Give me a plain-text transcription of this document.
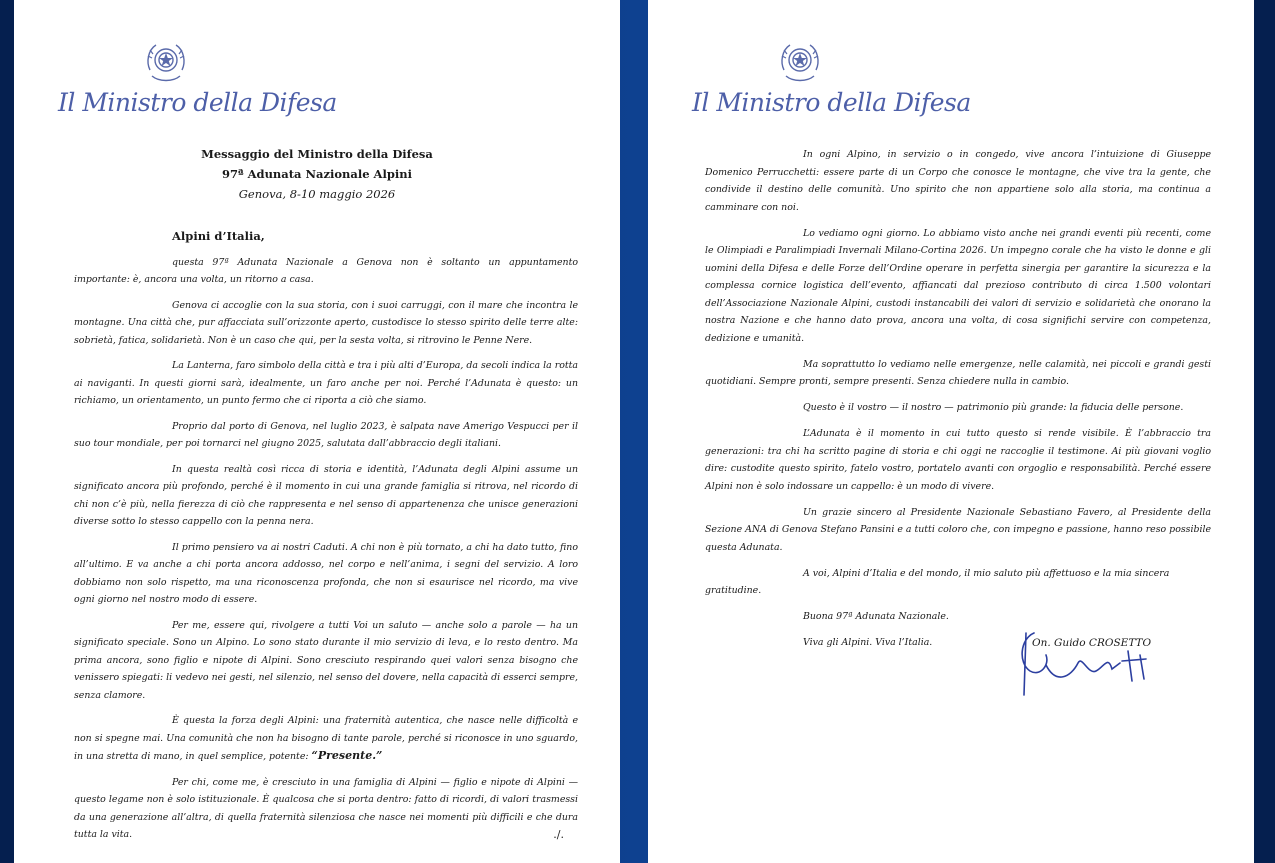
Il Ministro della Difesa
Messaggio del Ministro della Difesa
97ª Adunata Nazionale Alpini
Genova, 8-10 maggio 2026

Alpini d’Italia,

questa 97ª Adunata Nazionale a Genova non è soltanto un appuntamento importante: è, ancora una volta, un ritorno a casa.

Genova ci accoglie con la sua storia, con i suoi carruggi, con il mare che incontra le montagne. Una città che, pur affacciata sull’orizzonte aperto, custodisce lo stesso spirito delle terre alte: sobrietà, fatica, solidarietà. Non è un caso che qui, per la sesta volta, si ritrovino le Penne Nere.

La Lanterna, faro simbolo della città e tra i più alti d’Europa, da secoli indica la rotta ai naviganti. In questi giorni sarà, idealmente, un faro anche per noi. Perché l’Adunata è questo: un richiamo, un orientamento, un punto fermo che ci riporta a ciò che siamo.

Proprio dal porto di Genova, nel luglio 2023, è salpata nave Amerigo Vespucci per il suo tour mondiale, per poi tornarci nel giugno 2025, salutata dall’abbraccio degli italiani.

In questa realtà così ricca di storia e identità, l’Adunata degli Alpini assume un significato ancora più profondo, perché è il momento in cui una grande famiglia si ritrova, nel ricordo di chi non c’è più, nella fierezza di ciò che rappresenta e nel senso di appartenenza che unisce generazioni diverse sotto lo stesso cappello con la penna nera.

Il primo pensiero va ai nostri Caduti. A chi non è più tornato, a chi ha dato tutto, fino all’ultimo. E va anche a chi porta ancora addosso, nel corpo e nell’anima, i segni del servizio. A loro dobbiamo non solo rispetto, ma una riconoscenza profonda, che non si esaurisce nel ricordo, ma vive ogni giorno nel nostro modo di essere.

Per me, essere qui, rivolgere a tutti Voi un saluto — anche solo a parole — ha un significato speciale. Sono un Alpino. Lo sono stato durante il mio servizio di leva, e lo resto dentro. Ma prima ancora, sono figlio e nipote di Alpini. Sono cresciuto respirando quei valori senza bisogno che venissero spiegati: li vedevo nei gesti, nel silenzio, nel senso del dovere, nella capacità di esserci sempre, senza clamore.

È questa la forza degli Alpini: una fraternità autentica, che nasce nelle difficoltà e non si spegne mai. Una comunità che non ha bisogno di tante parole, perché si riconosce in uno sguardo, in una stretta di mano, in quel semplice, potente: “Presente.”

Per chi, come me, è cresciuto in una famiglia di Alpini — figlio e nipote di Alpini — questo legame non è solo istituzionale. È qualcosa che si porta dentro: fatto di ricordi, di valori trasmessi da una generazione all’altra, di quella fraternità silenziosa che nasce nei momenti più difficili e che dura tutta la vita.	./.
Il Ministro della Difesa

In ogni Alpino, in servizio o in congedo, vive ancora l’intuizione di Giuseppe Domenico Perrucchetti: essere parte di un Corpo che conosce le montagne, che vive tra la gente, che condivide il destino delle comunità. Uno spirito che non appartiene solo alla storia, ma continua a camminare con noi.

Lo vediamo ogni giorno. Lo abbiamo visto anche nei grandi eventi più recenti, come le Olimpiadi e Paralimpiadi Invernali Milano-Cortina 2026. Un impegno corale che ha visto le donne e gli uomini della Difesa e delle Forze dell’Ordine operare in perfetta sinergia per garantire la sicurezza e la complessa cornice logistica dell’evento, affiancati dal prezioso contributo di circa 1.500 volontari dell’Associazione Nazionale Alpini, custodi instancabili dei valori di servizio e solidarietà che onorano la nostra Nazione e che hanno dato prova, ancora una volta, di cosa significhi servire con competenza, dedizione e umanità.

Ma soprattutto lo vediamo nelle emergenze, nelle calamità, nei piccoli e grandi gesti quotidiani. Sempre pronti, sempre presenti. Senza chiedere nulla in cambio.

Questo è il vostro — il nostro — patrimonio più grande: la fiducia delle persone.

L’Adunata è il momento in cui tutto questo si rende visibile. È l’abbraccio tra generazioni: tra chi ha scritto pagine di storia e chi oggi ne raccoglie il testimone. Ai più giovani voglio dire: custodite questo spirito, fatelo vostro, portatelo avanti con orgoglio e responsabilità. Perché essere Alpini non è solo indossare un cappello: è un modo di vivere.

Un grazie sincero al Presidente Nazionale Sebastiano Favero, al Presidente della Sezione ANA di Genova Stefano Pansini e a tutti coloro che, con impegno e passione, hanno reso possibile questa Adunata.

A voi, Alpini d’Italia e del mondo, il mio saluto più affettuoso e la mia sincera gratitudine.

Buona 97ª Adunata Nazionale.

Viva gli Alpini. Viva l’Italia.	On. Guido CROSETTO
